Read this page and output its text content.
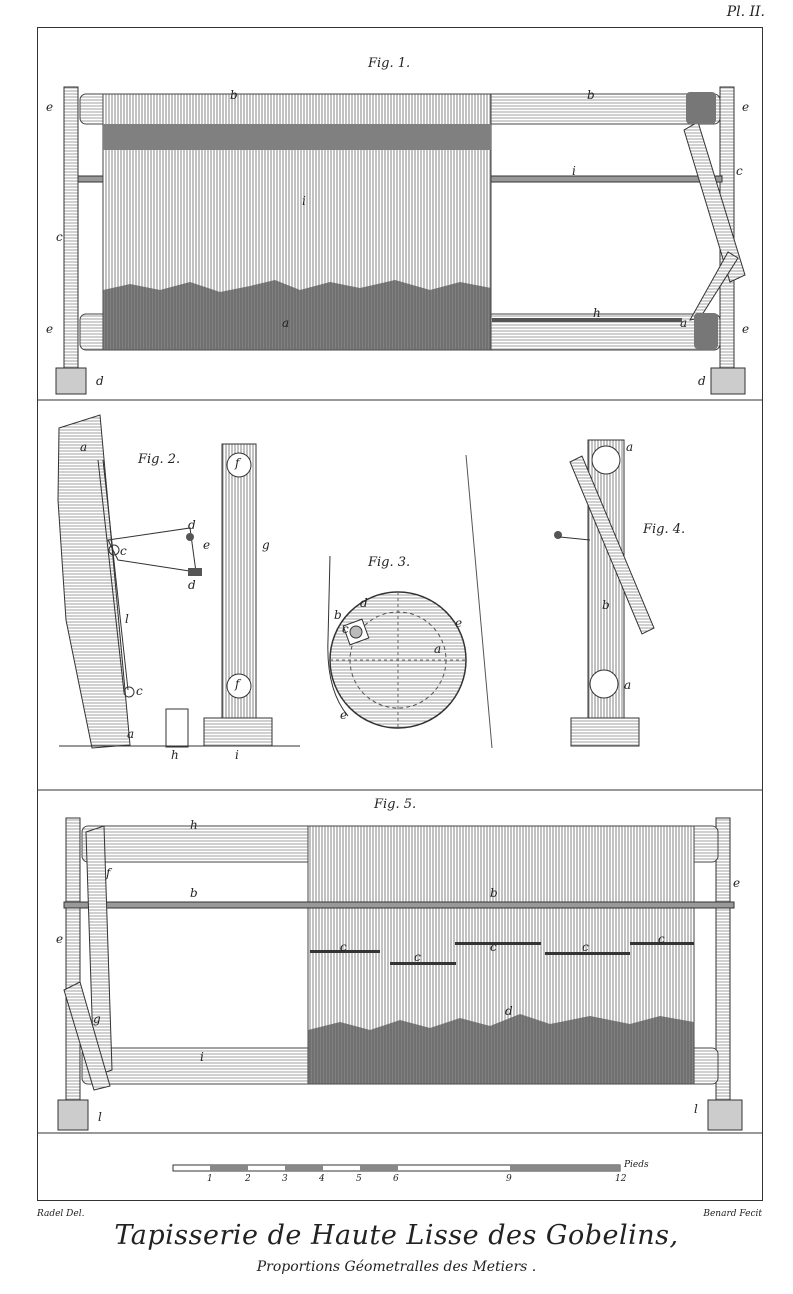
Pl. II.
Fig. 1.
Fig. 2.
Fig. 3.
Fig. 4.
Fig. 5.
b	b
e	e
c
i
i	c
e	e
a
h
a
d	d
a
c
l
c
a
d
e
d
g
f
f
h	i
d
b
c
a
e
e
a
b
a
h
f
b	b
e
e
c
c
c	c
c
d
g
i
l
l
1	2	3	4	5	6	9	12
Pieds
Radel Del.	Benard Fecit
Tapisserie de Haute Lisse des Gobelins,
Proportions Géometralles des Metiers .
